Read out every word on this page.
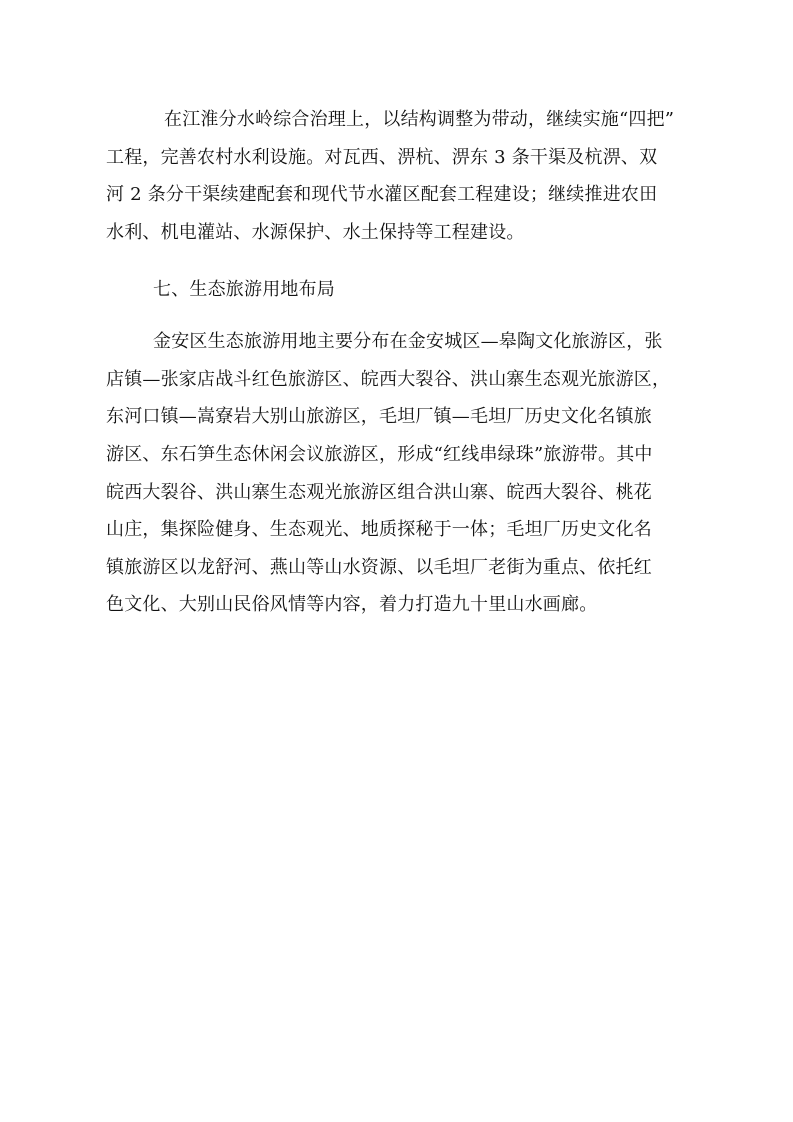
在江淮分水岭综合治理上，以结构调整为带动，继续实施“四把”
工程，完善农村水利设施。对瓦西、淠杭、淠东 3 条干渠及杭淠、双
河 2 条分干渠续建配套和现代节水灌区配套工程建设；继续推进农田
水利、机电灌站、水源保护、水土保持等工程建设。
七、生态旅游用地布局
金安区生态旅游用地主要分布在金安城区—皋陶文化旅游区，张
店镇—张家店战斗红色旅游区、皖西大裂谷、洪山寨生态观光旅游区，
东河口镇—嵩寮岩大别山旅游区，毛坦厂镇—毛坦厂历史文化名镇旅
游区、东石笋生态休闲会议旅游区，形成“红线串绿珠”旅游带。其中
皖西大裂谷、洪山寨生态观光旅游区组合洪山寨、皖西大裂谷、桃花
山庄，集探险健身、生态观光、地质探秘于一体；毛坦厂历史文化名
镇旅游区以龙舒河、燕山等山水资源、以毛坦厂老街为重点、依托红
色文化、大别山民俗风情等内容，着力打造九十里山水画廊。
